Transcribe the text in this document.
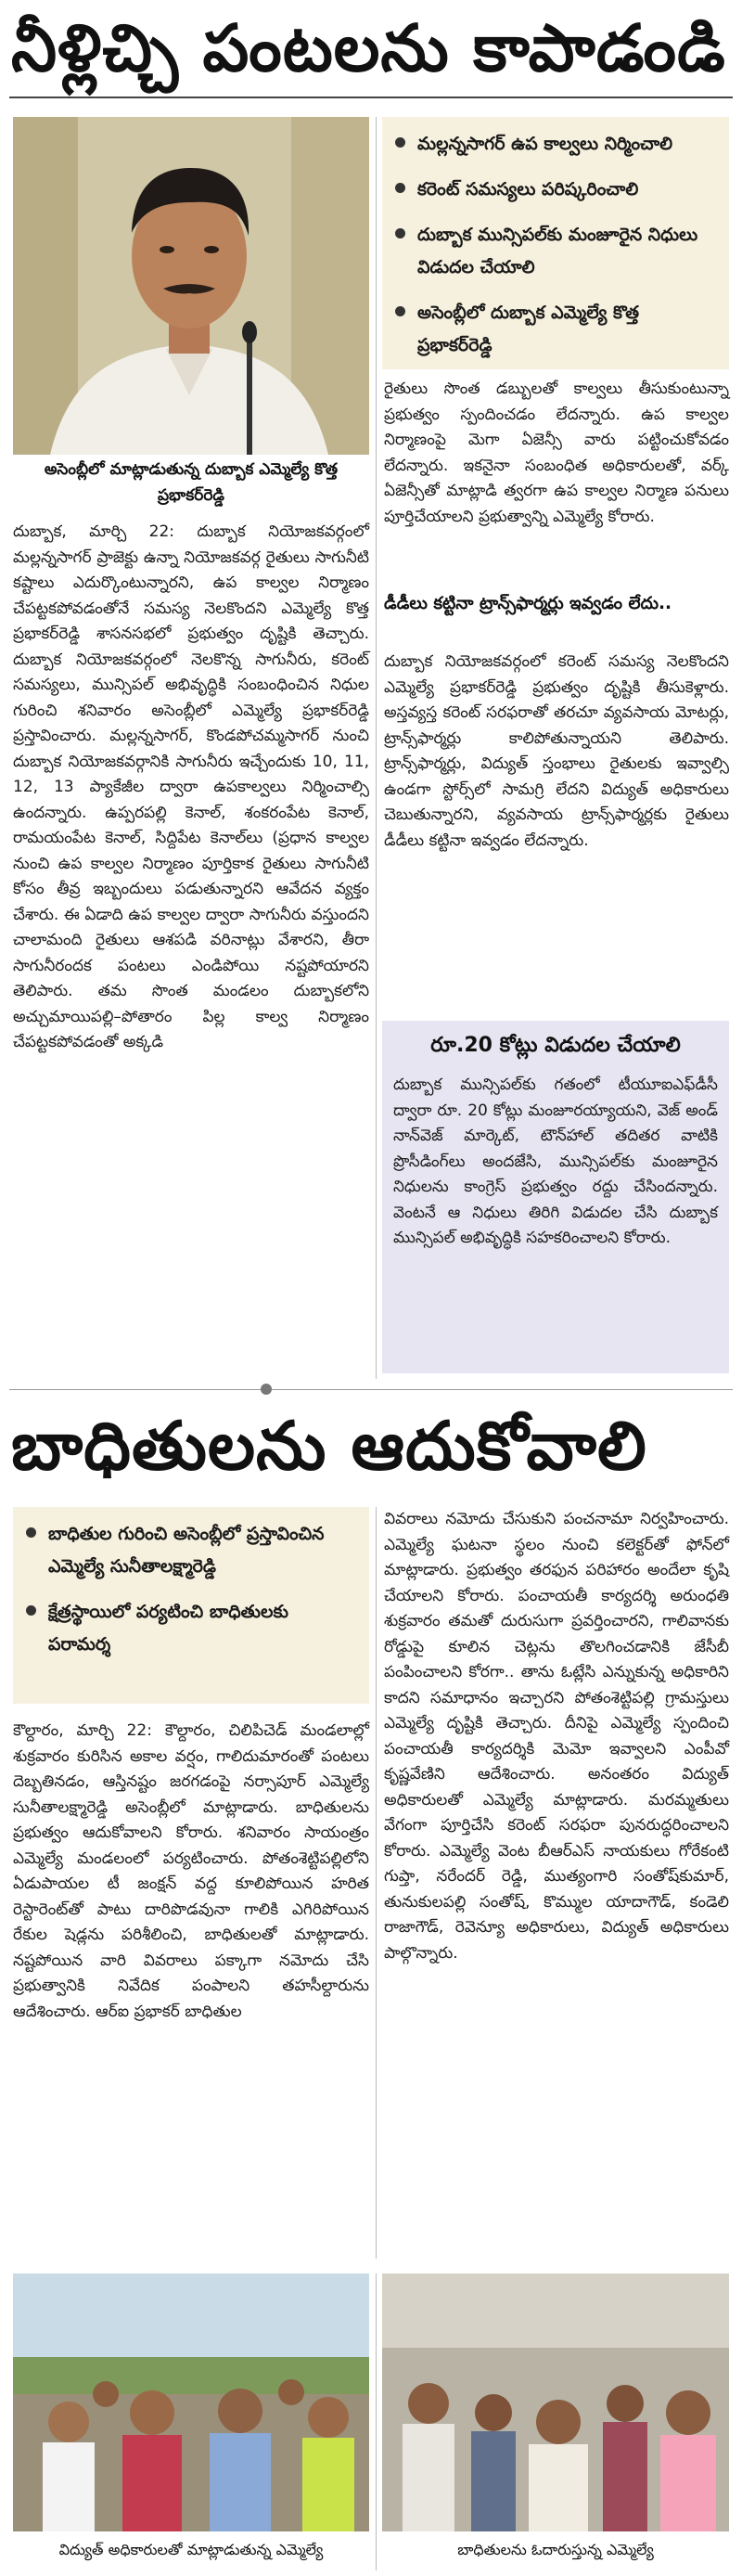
నీళ్లిచ్చి పంటలను కాపాడండి
అసెంబ్లీలో మాట్లాడుతున్న దుబ్బాక ఎమ్మెల్యే కొత్త ప్రభాకర్‌రెడ్డి
మల్లన్నసాగర్ ఉప కాల్వలు నిర్మించాలి
కరెంట్ సమస్యలు పరిష్కరించాలి
దుబ్బాక మున్సిపల్‌కు మంజూరైన నిధులు విడుదల చేయాలి
అసెంబ్లీలో దుబ్బాక ఎమ్మెల్యే కొత్త ప్రభాకర్‌రెడ్డి

దుబ్బాక, మార్చి 22: దుబ్బాక నియోజకవర్గంలో మల్లన్నసాగర్ ప్రాజెక్టు ఉన్నా నియోజకవర్గ రైతులు సాగునీటి కష్టాలు ఎదుర్కొంటున్నారని, ఉప కాల్వల నిర్మాణం చేపట్టకపోవడంతోనే సమస్య నెలకొందని ఎమ్మెల్యే కొత్త ప్రభాకర్‌రెడ్డి శాసనసభలో ప్రభుత్వం దృష్టికి తెచ్చారు. దుబ్బాక నియోజకవర్గంలో నెలకొన్న సాగునీరు, కరెంట్ సమస్యలు, మున్సిపల్ అభివృద్ధికి సంబంధించిన నిధుల గురించి శనివారం అసెంబ్లీలో ఎమ్మెల్యే ప్రభాకర్‌రెడ్డి ప్రస్తావించారు. మల్లన్నసాగర్, కొండపోచమ్మసాగర్ నుంచి దుబ్బాక నియోజకవర్గానికి సాగునీరు ఇచ్చేందుకు 10, 11, 12, 13 ప్యాకేజీల ద్వారా ఉపకాల్వలు నిర్మించాల్సి ఉందన్నారు. ఉప్పరపల్లి కెనాల్, శంకరంపేట కెనాల్, రామయంపేట కెనాల్, సిద్దిపేట కెనాల్‌లు (ప్రధాన కాల్వల నుంచి ఉప కాల్వల నిర్మాణం పూర్తికాక రైతులు సాగునీటి కోసం తీవ్ర ఇబ్బందులు పడుతున్నారని ఆవేదన వ్యక్తం చేశారు. ఈ ఏడాది ఉప కాల్వల ద్వారా సాగునీరు వస్తుందని చాలామంది రైతులు ఆశపడి వరినాట్లు వేశారని, తీరా సాగునీరందక పంటలు ఎండిపోయి నష్టపోయారని తెలిపారు. తమ సొంత మండలం దుబ్బాకలోని అచ్చుమాయిపల్లి–పోతారం పిల్ల కాల్వ నిర్మాణం చేపట్టకపోవడంతో అక్కడి

రైతులు సొంత డబ్బులతో కాల్వలు తీసుకుంటున్నా ప్రభుత్వం స్పందించడం లేదన్నారు. ఉప కాల్వల నిర్మాణంపై మెగా ఏజెన్సీ వారు పట్టించుకోవడం లేదన్నారు. ఇకనైనా సంబంధిత అధికారులతో, వర్క్ ఏజెన్సీతో మాట్లాడి త్వరగా ఉప కాల్వల నిర్మాణ పనులు పూర్తిచేయాలని ప్రభుత్వాన్ని ఎమ్మెల్యే కోరారు.

డీడీలు కట్టినా ట్రాన్స్‌ఫార్మర్లు ఇవ్వడం లేదు..

దుబ్బాక నియోజకవర్గంలో కరెంట్ సమస్య నెలకొందని ఎమ్మెల్యే ప్రభాకర్‌రెడ్డి ప్రభుత్వం దృష్టికి తీసుకెళ్లారు. అస్తవ్యస్త కరెంట్ సరఫరాతో తరచూ వ్యవసాయ మోటర్లు, ట్రాన్స్‌ఫార్మర్లు కాలిపోతున్నాయని తెలిపారు. ట్రాన్స్‌ఫార్మర్లు, విద్యుత్ స్తంభాలు రైతులకు ఇవ్వాల్సి ఉండగా స్టోర్స్‌లో సామగ్రి లేదని విద్యుత్ అధికారులు చెబుతున్నారని, వ్యవసాయ ట్రాన్స్‌ఫార్మర్లకు రైతులు డీడీలు కట్టినా ఇవ్వడం లేదన్నారు.

రూ.20 కోట్లు విడుదల చేయాలి

దుబ్బాక మున్సిపల్‌కు గతంలో టీయూఐఎఫ్‌డీసీ ద్వారా రూ. 20 కోట్లు మంజూరయ్యాయని, వెజ్ అండ్ నాన్‌వెజ్ మార్కెట్, టౌన్‌హాల్ తదితర వాటికి ప్రొసీడింగ్‌లు అందజేసి, మున్సిపల్‌కు మంజూరైన నిధులను కాంగ్రెస్ ప్రభుత్వం రద్దు చేసిందన్నారు. వెంటనే ఆ నిధులు తిరిగి విడుదల చేసి దుబ్బాక మున్సిపల్ అభివృద్ధికి సహకరించాలని కోరారు.

బాధితులను ఆదుకోవాలి
బాధితుల గురించి అసెంబ్లీలో ప్రస్తావించిన ఎమ్మెల్యే సునీతాలక్ష్మారెడ్డి
క్షేత్రస్థాయిలో పర్యటించి బాధితులకు పరామర్శ

కౌల్దారం, మార్చి 22: కౌల్దారం, చిలిపిచెడ్ మండలాల్లో శుక్రవారం కురిసిన అకాల వర్షం, గాలిదుమారంతో పంటలు దెబ్బతినడం, ఆస్తినష్టం జరగడంపై నర్సాపూర్ ఎమ్మెల్యే సునీతాలక్ష్మారెడ్డి అసెంబ్లీలో మాట్లాడారు. బాధితులను ప్రభుత్వం ఆదుకోవాలని కోరారు. శనివారం సాయంత్రం ఎమ్మెల్యే మండలంలో పర్యటించారు. పోతంశెట్టిపల్లిలోని ఏడుపాయల టీ జంక్షన్ వద్ద కూలిపోయిన హరిత రెస్టారెంట్‌తో పాటు దారిపొడవునా గాలికి ఎగిరిపోయిన రేకుల షెడ్లను పరిశీలించి, బాధితులతో మాట్లాడారు. నష్టపోయిన వారి వివరాలు పక్కాగా నమోదు చేసి ప్రభుత్వానికి నివేదిక పంపాలని తహసీల్దారును ఆదేశించారు. ఆర్‌ఐ ప్రభాకర్ బాధితుల

వివరాలు నమోదు చేసుకుని పంచనామా నిర్వహించారు. ఎమ్మెల్యే ఘటనా స్థలం నుంచి కలెక్టర్‌తో ఫోన్‌లో మాట్లాడారు. ప్రభుత్వం తరఫున పరిహారం అందేలా కృషి చేయాలని కోరారు. పంచాయతీ కార్యదర్శి అరుంధతి శుక్రవారం తమతో దురుసుగా ప్రవర్తించారని, గాలివానకు రోడ్డుపై కూలిన చెట్లను తొలగించడానికి జేసీబీ పంపించాలని కోరగా.. తాను ఓట్లేసి ఎన్నుకున్న అధికారిని కాదని సమాధానం ఇచ్చారని పోతంశెట్టిపల్లి గ్రామస్తులు ఎమ్మెల్యే దృష్టికి తెచ్చారు. దీనిపై ఎమ్మెల్యే స్పందించి పంచాయతీ కార్యదర్శికి మెమో ఇవ్వాలని ఎంపీవో కృష్ణవేణిని ఆదేశించారు. అనంతరం విద్యుత్ అధికారులతో ఎమ్మెల్యే మాట్లాడారు. మరమ్మతులు వేగంగా పూర్తిచేసి కరెంట్ సరఫరా పునరుద్ధరించాలని కోరారు. ఎమ్మెల్యే వెంట బీఆర్ఎస్ నాయకులు గోరేకంటి గుప్తా, నరేందర్ రెడ్డి, ముత్యంగారి సంతోష్‌కుమార్, తునుకులపల్లి సంతోష్, కొమ్ముల యాదాగౌడ్, కండెలి రాజాగౌడ్, రెవెన్యూ అధికారులు, విద్యుత్ అధికారులు పాల్గొన్నారు.

విద్యుత్ అధికారులతో మాట్లాడుతున్న ఎమ్మెల్యే	బాధితులను ఓదారుస్తున్న ఎమ్మెల్యే
